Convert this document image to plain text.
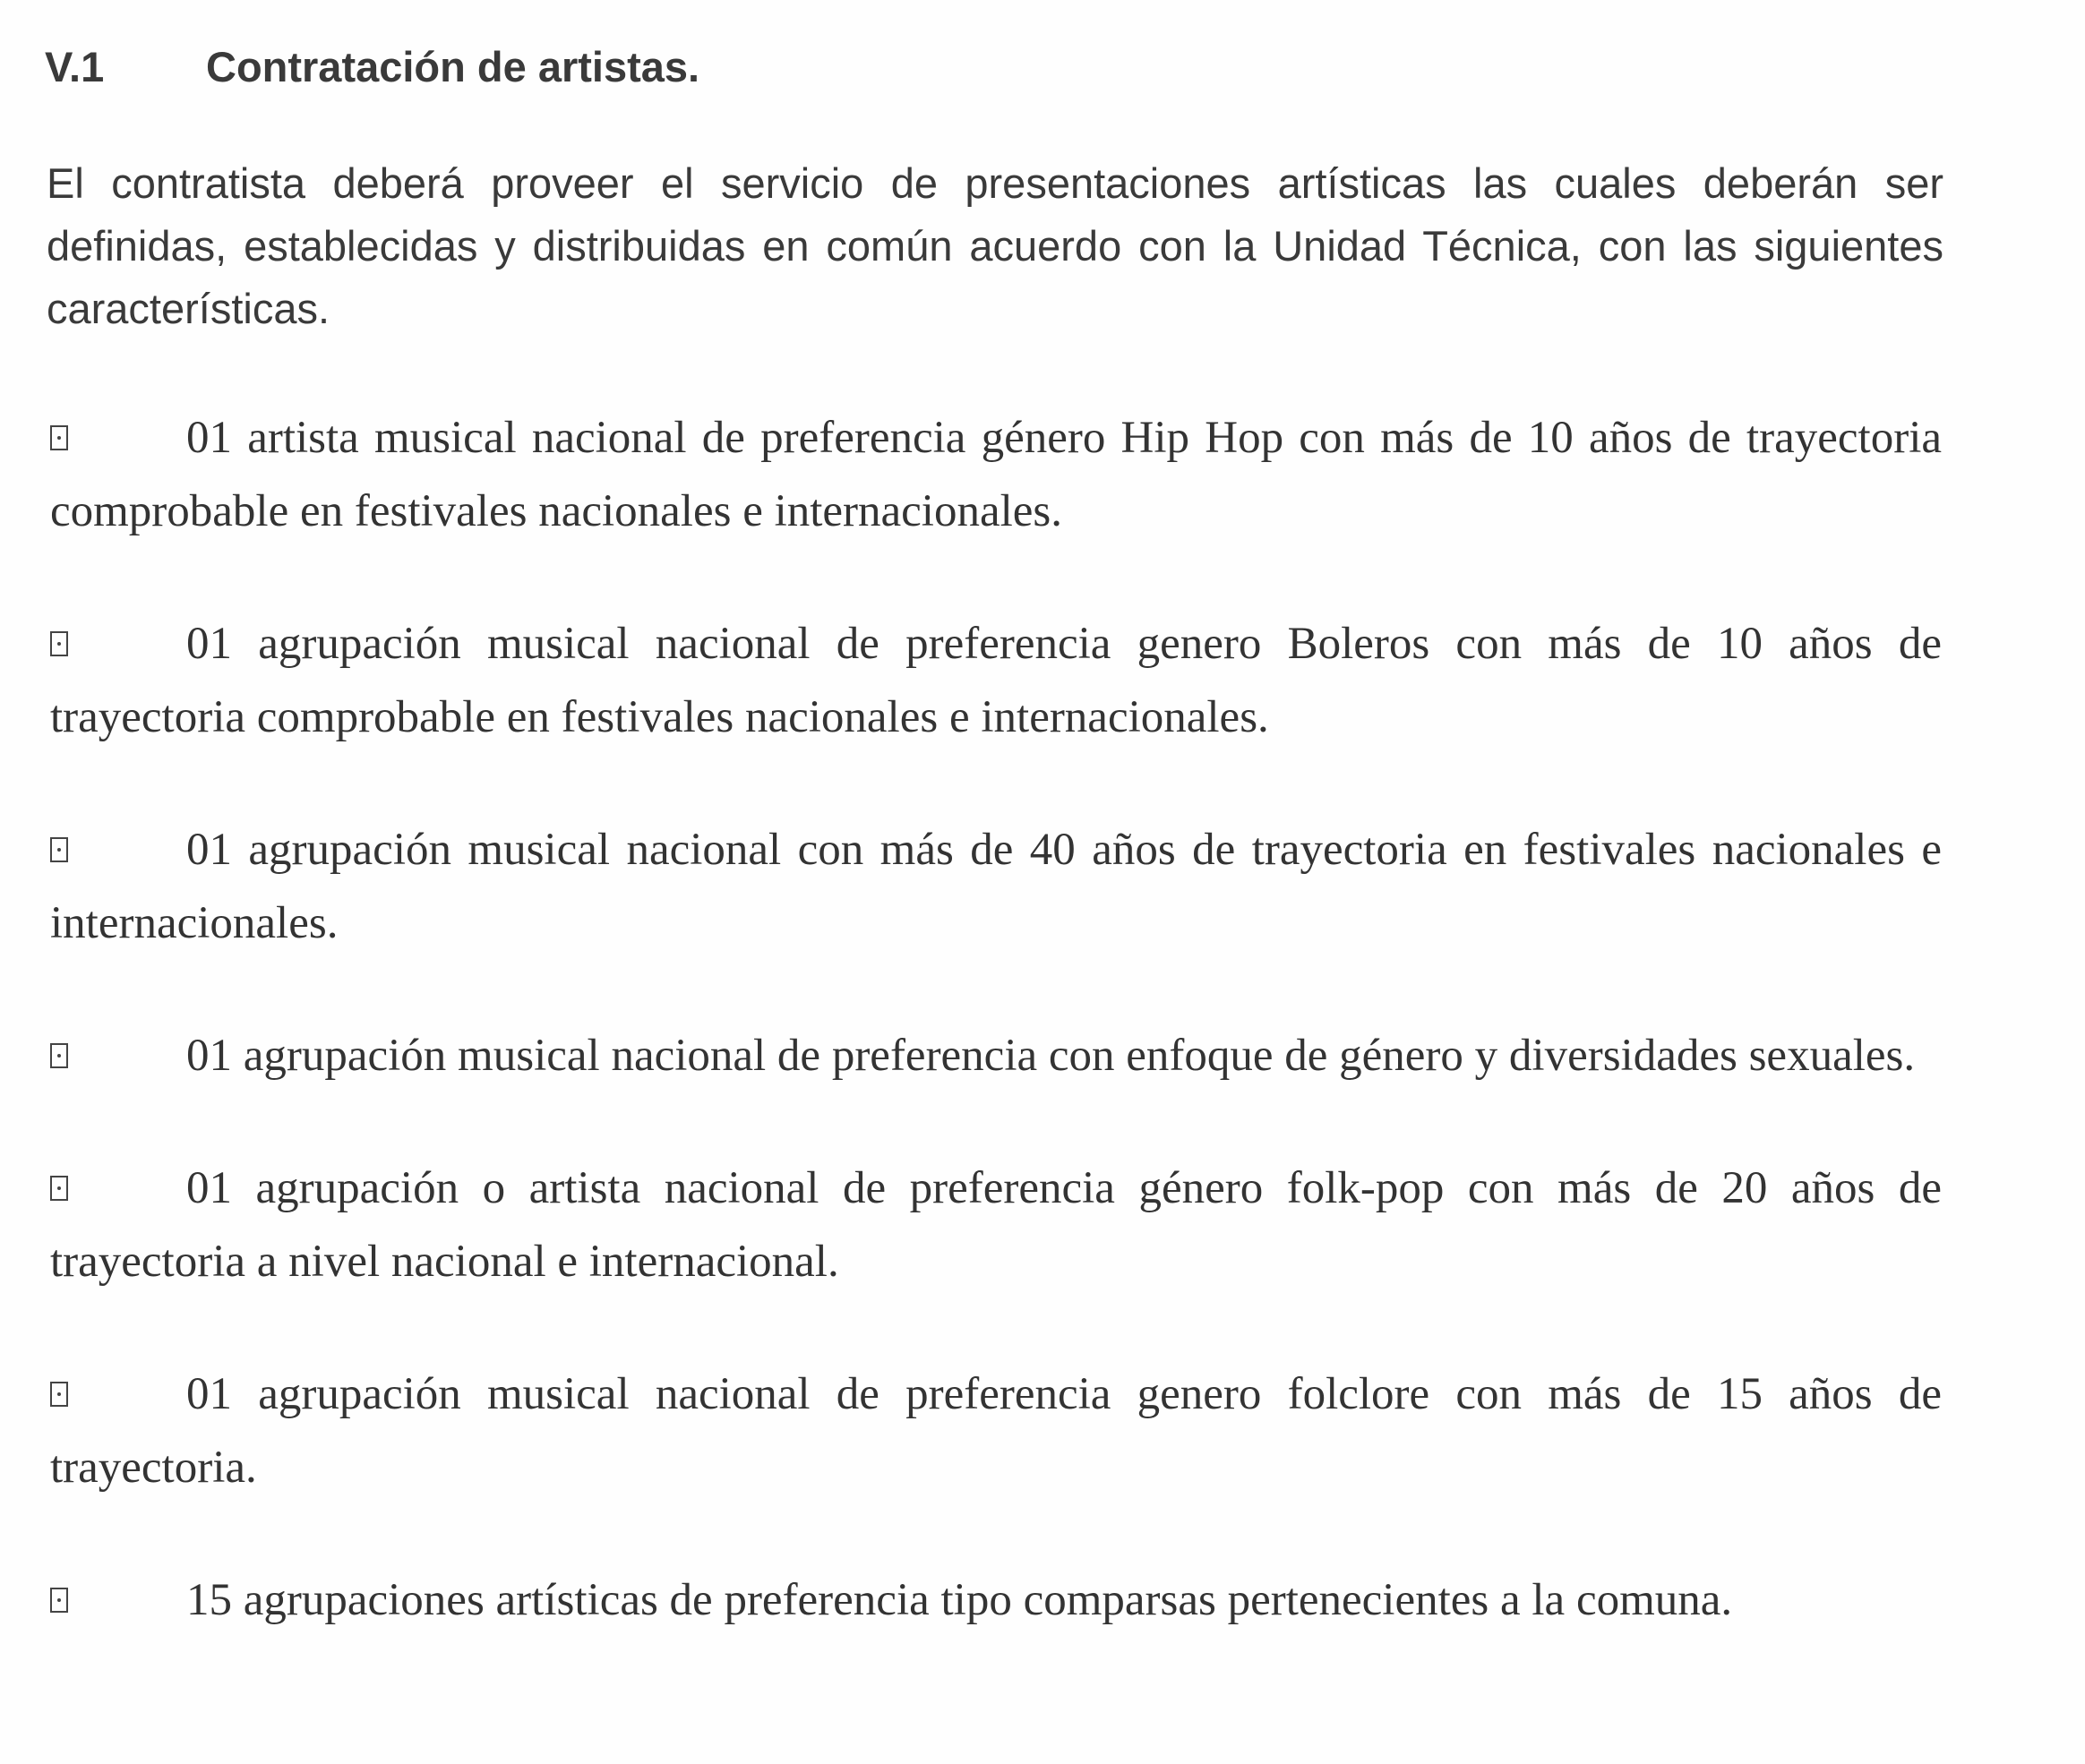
V.1	Contratación de artistas.

El contratista deberá proveer el servicio de presentaciones artísticas las cuales deberán ser definidas, establecidas y distribuidas en común acuerdo con la Unidad Técnica, con las siguientes características.

01 artista musical nacional de preferencia género Hip Hop con más de 10 años de trayectoria comprobable en festivales nacionales e internacionales.

01 agrupación musical nacional de preferencia genero Boleros con más de 10 años de trayectoria comprobable en festivales nacionales e internacionales.

01 agrupación musical nacional con más de 40 años de trayectoria en festivales nacionales e internacionales.

01 agrupación musical nacional de preferencia con enfoque de género y diversidades sexuales.

01 agrupación o artista nacional de preferencia género folk-pop con más de 20 años de trayectoria a nivel nacional e internacional.

01 agrupación musical nacional de preferencia genero folclore con más de 15 años de trayectoria.

15 agrupaciones artísticas de preferencia tipo comparsas pertenecientes a la comuna.
